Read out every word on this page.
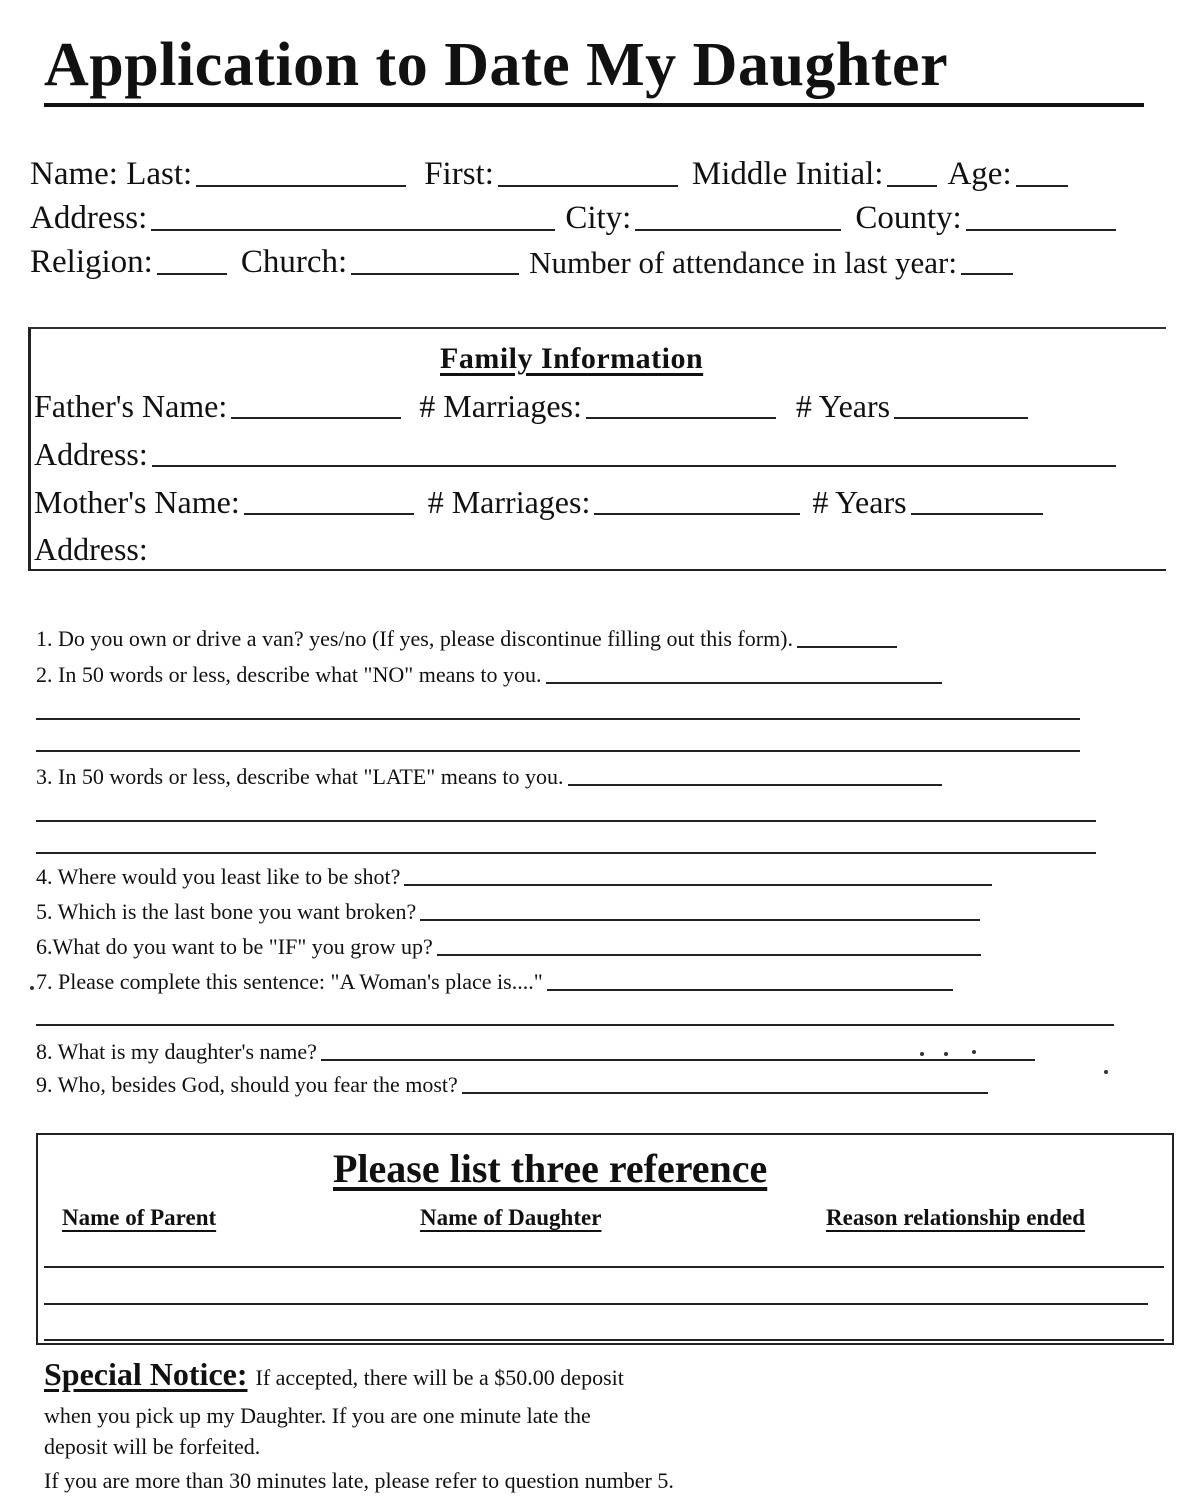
Application to Date My Daughter
Name: Last:	First:	Middle Initial: Age:
Address:	City:	County:
Religion:	Church:	Number of attendance in last year:
Family Information
Father's Name:	# Marriages:	# Years
Address:
Mother's Name:	# Marriages:	# Years
Address:
1. Do you own or drive a van? yes/no (If yes, please discontinue filling out this form).
2. In 50 words or less, describe what "NO" means to you.
3. In 50 words or less, describe what "LATE" means to you.
4. Where would you least like to be shot?
5. Which is the last bone you want broken?
6.What do you want to be "IF" you grow up?
7. Please complete this sentence: "A Woman's place is...."
8. What is my daughter's name?
9. Who, besides God, should you fear the most?
Please list three reference
Name of Parent	Name of Daughter	Reason relationship ended
Special Notice: If accepted, there will be a $50.00 deposit
when you pick up my Daughter. If you are one minute late the
deposit will be forfeited.
If you are more than 30 minutes late, please refer to question number 5.
